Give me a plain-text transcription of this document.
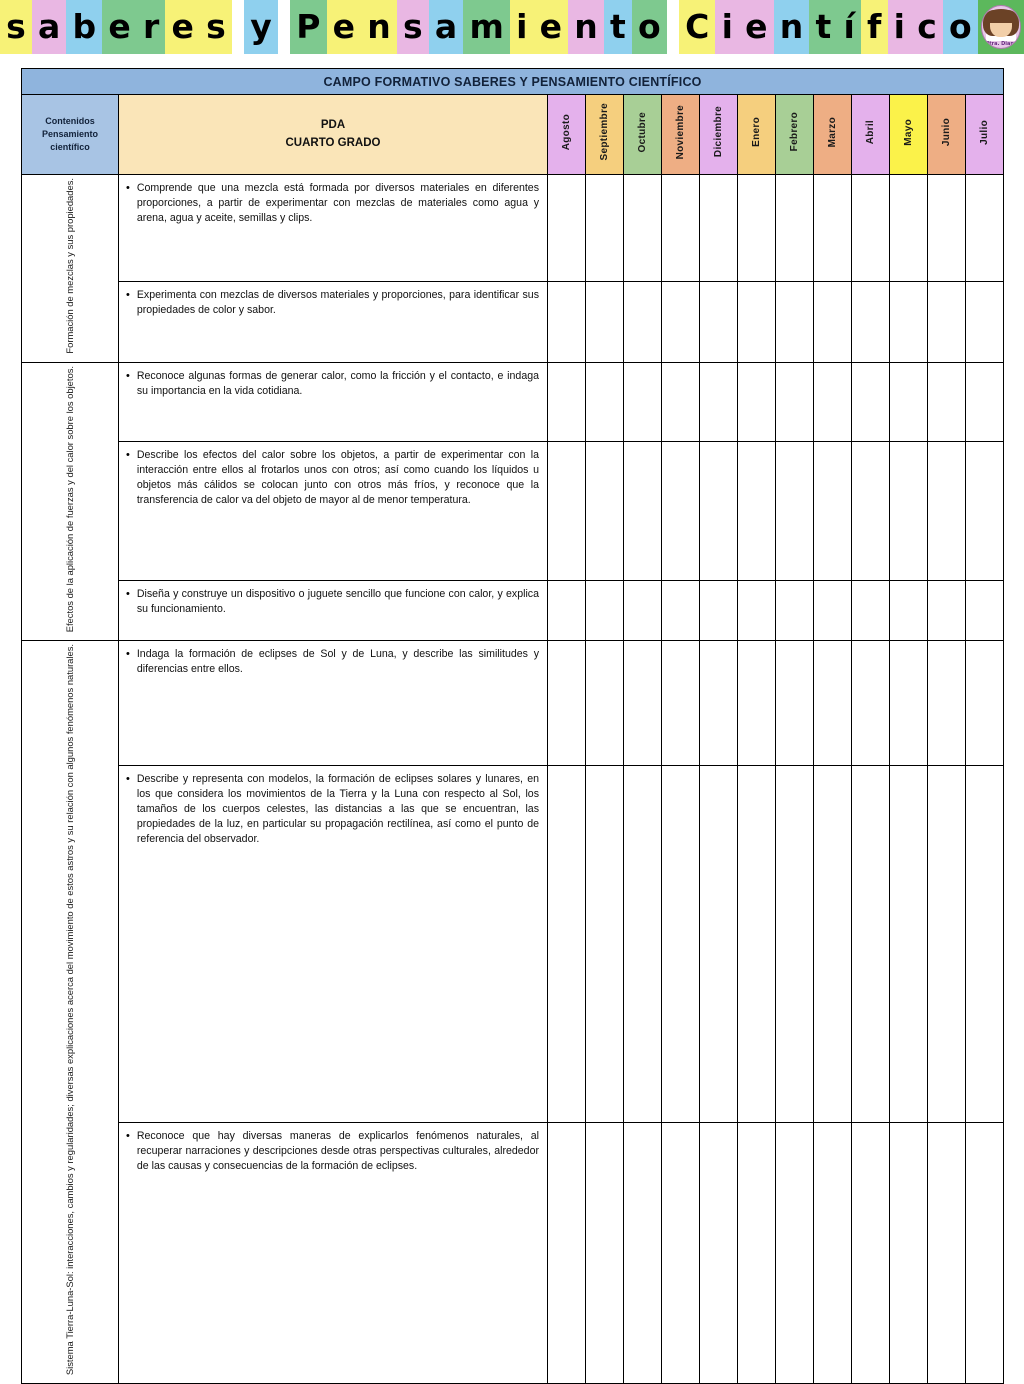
s a b e r e s y P e n s a m i e n t o C i e n t í f i c o	Mtra. Diana
CAMPO FORMATIVO SABERES Y PENSAMIENTO CIENTÍFICO													

Contenidos
Pensamiento
científico

PDA
CUARTO GRADO	Agosto	Septiembre	Octubre	Noviembre	Diciembre	Enero	Febrero	Marzo	Abril	Mayo	Junio	Julio
Formación de mezclas y sus propiedades.	• Comprende que una mezcla está formada por diversos materiales en diferentes proporciones, a partir de experimentar con mezclas de materiales como agua y arena, agua y aceite, semillas y clips.												

	• Experimenta con mezclas de diversos materiales y proporciones, para identificar sus propiedades de color y sabor.												

Efectos de la aplicación de fuerzas y del calor sobre los objetos.	• Reconoce algunas formas de generar calor, como la fricción y el contacto, e indaga su importancia en la vida cotidiana.												

	• Describe los efectos del calor sobre los objetos, a partir de experimentar con la interacción entre ellos al frotarlos unos con otros; así como cuando los líquidos u objetos más cálidos se colocan junto con otros más fríos, y reconoce que la transferencia de calor va del objeto de mayor al de menor temperatura.												

	• Diseña y construye un dispositivo o juguete sencillo que funcione con calor, y explica su funcionamiento.												

Sistema Tierra-Luna-Sol: interacciones, cambios y regularidades; diversas explicaciones acerca del movimiento de estos astros y su relación con algunos fenómenos naturales.	• Indaga la formación de eclipses de Sol y de Luna, y describe las similitudes y diferencias entre ellos.												

	• Describe y representa con modelos, la formación de eclipses solares y lunares, en los que considera los movimientos de la Tierra y la Luna con respecto al Sol, los tamaños de los cuerpos celestes, las distancias a las que se encuentran, las propiedades de la luz, en particular su propagación rectilínea, así como el punto de referencia del observador.												

	• Reconoce que hay diversas maneras de explicarlos fenómenos naturales, al recuperar narraciones y descripciones desde otras perspectivas culturales, alrededor de las causas y consecuencias de la formación de eclipses.												
